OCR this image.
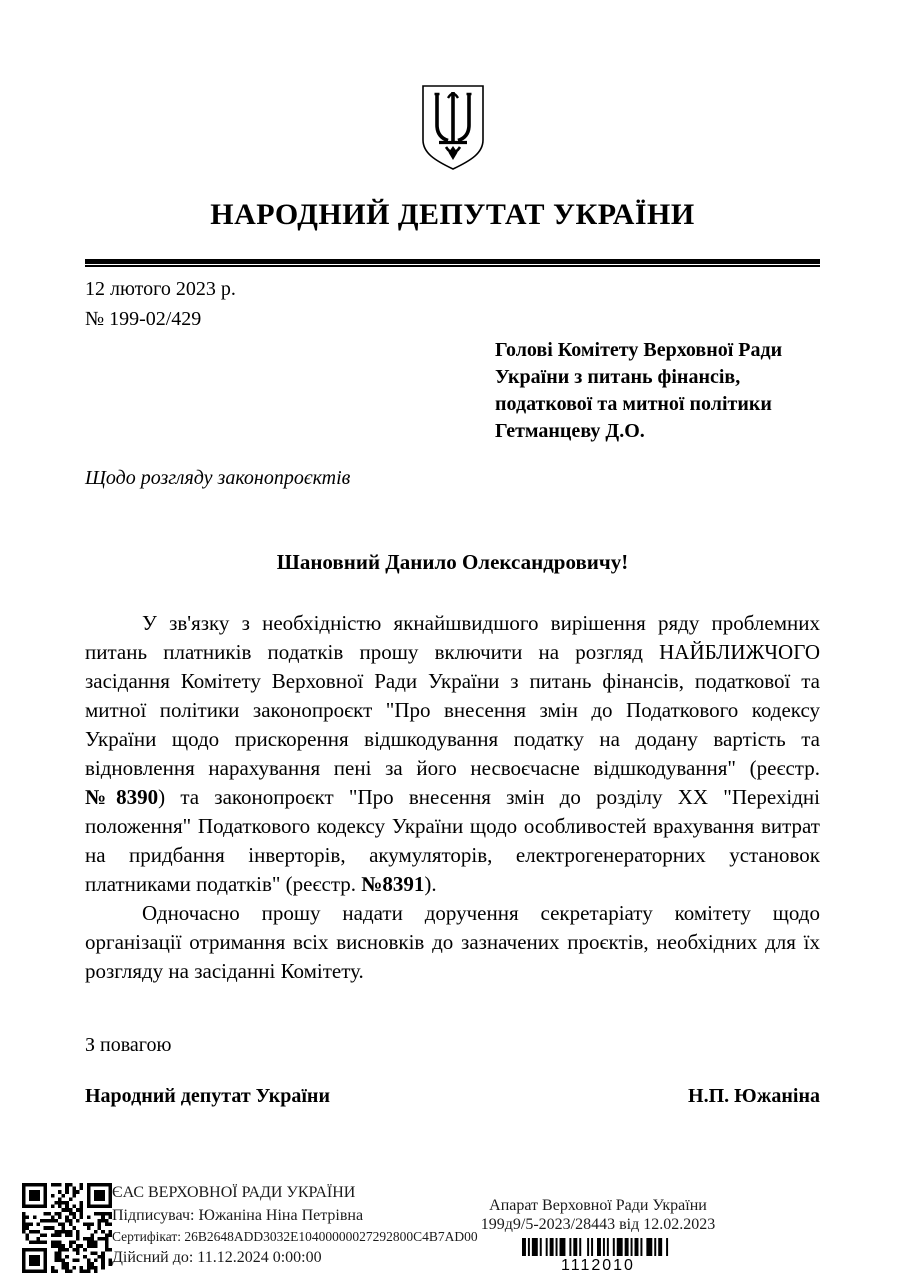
НАРОДНИЙ ДЕПУТАТ УКРАЇНИ
12 лютого 2023 р.
№ 199-02/429
Голові Комітету Верховної Ради
України з питань фінансів,
податкової та митної політики
Гетманцеву Д.О.
Щодо розгляду законопроєктів
Шановний Данило Олександровичу!

У зв'язку з необхідністю якнайшвидшого вирішення ряду проблемних питань платників податків прошу включити на розгляд НАЙБЛИЖЧОГО засідання Комітету Верховної Ради України з питань фінансів, податкової та митної політики законопроєкт "Про внесення змін до Податкового кодексу України щодо прискорення відшкодування податку на додану вартість та відновлення нарахування пені за його несвоєчасне відшкодування" (реєстр. №8390) та законопроєкт "Про внесення змін до розділу XX "Перехідні положення" Податкового кодексу України щодо особливостей врахування витрат на придбання інверторів, акумуляторів, електрогенераторних установок платниками податків" (реєстр. №8391).

Одночасно прошу надати доручення секретаріату комітету щодо організації отримання всіх висновків до зазначених проєктів, необхідних для їх розгляду на засіданні Комітету.

З повагою
Народний депутат України	Н.П. Южаніна
ЄАС ВЕРХОВНОЇ РАДИ УКРАЇНИ
Підписувач: Южаніна Ніна Петрівна
Сертифікат: 26B2648ADD3032E10400000027292800C4B7AD00
Дійсний до: 11.12.2024 0:00:00
Апарат Верховної Ради України
199д9/5-2023/28443 від 12.02.2023
1112010
